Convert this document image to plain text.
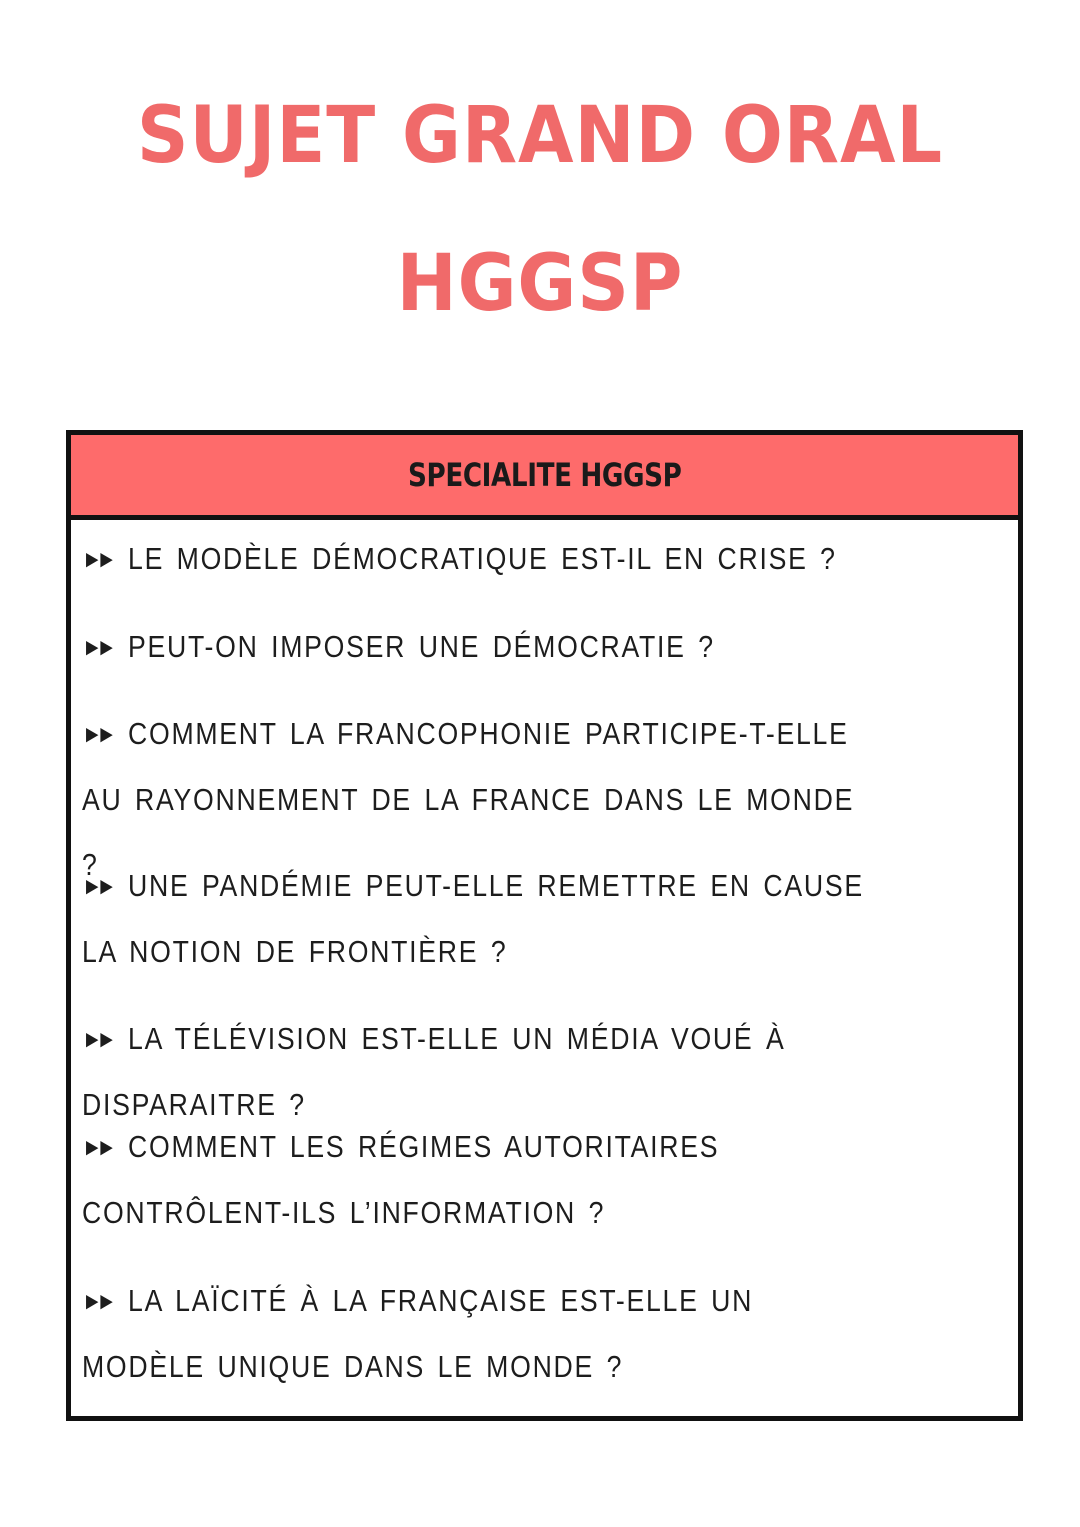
SUJET GRAND ORAL
HGGSP
SPECIALITE HGGSP
►► LE MODÈLE DÉMOCRATIQUE EST-IL EN CRISE ?
►► PEUT-ON IMPOSER UNE DÉMOCRATIE ?
►► COMMENT LA FRANCOPHONIE PARTICIPE-T-ELLE AU RAYONNEMENT DE LA FRANCE DANS LE MONDE ?
►► UNE PANDÉMIE PEUT-ELLE REMETTRE EN CAUSE LA NOTION DE FRONTIÈRE ?
►► LA TÉLÉVISION EST-ELLE UN MÉDIA VOUÉ À DISPARAITRE ?
►► COMMENT LES RÉGIMES AUTORITAIRES CONTRÔLENT-ILS L’INFORMATION ?
►► LA LAÏCITÉ À LA FRANÇAISE EST-ELLE UN MODÈLE UNIQUE DANS LE MONDE ?
